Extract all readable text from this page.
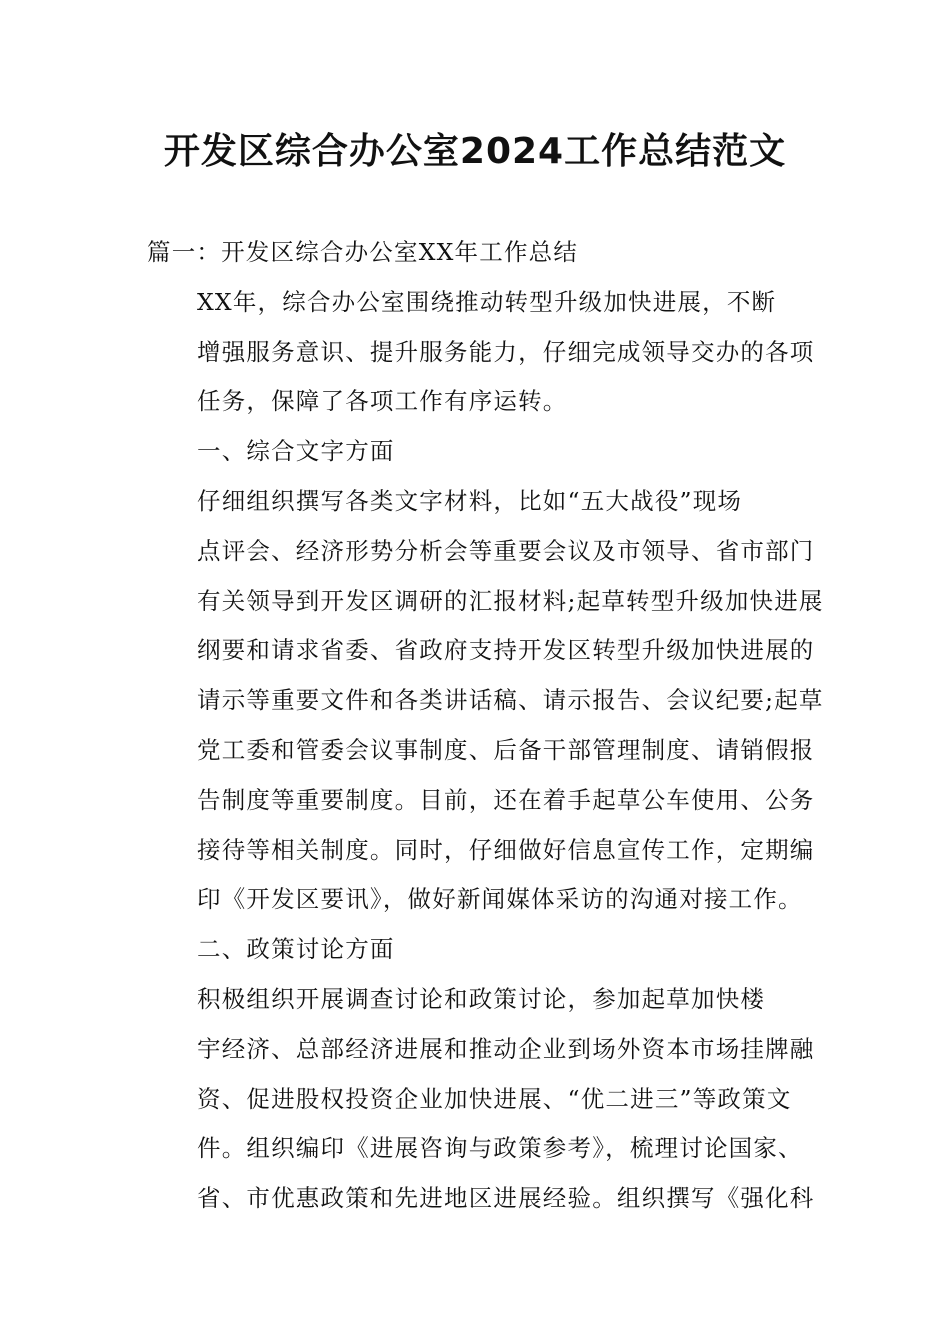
开发区综合办公室2024工作总结范文

篇一：开发区综合办公室XX年工作总结

XX年，综合办公室围绕推动转型升级加快进展，不断
增强服务意识、提升服务能力，仔细完成领导交办的各项
任务，保障了各项工作有序运转。

一、综合文字方面

仔细组织撰写各类文字材料，比如“五大战役”现场
点评会、经济形势分析会等重要会议及市领导、省市部门
有关领导到开发区调研的汇报材料;起草转型升级加快进展
纲要和请求省委、省政府支持开发区转型升级加快进展的
请示等重要文件和各类讲话稿、请示报告、会议纪要;起草
党工委和管委会议事制度、后备干部管理制度、请销假报
告制度等重要制度。目前，还在着手起草公车使用、公务
接待等相关制度。同时，仔细做好信息宣传工作，定期编
印《开发区要讯》，做好新闻媒体采访的沟通对接工作。

二、政策讨论方面

积极组织开展调查讨论和政策讨论，参加起草加快楼
宇经济、总部经济进展和推动企业到场外资本市场挂牌融
资、促进股权投资企业加快进展、“优二进三”等政策文
件。组织编印《进展咨询与政策参考》，梳理讨论国家、
省、市优惠政策和先进地区进展经验。组织撰写《强化科
